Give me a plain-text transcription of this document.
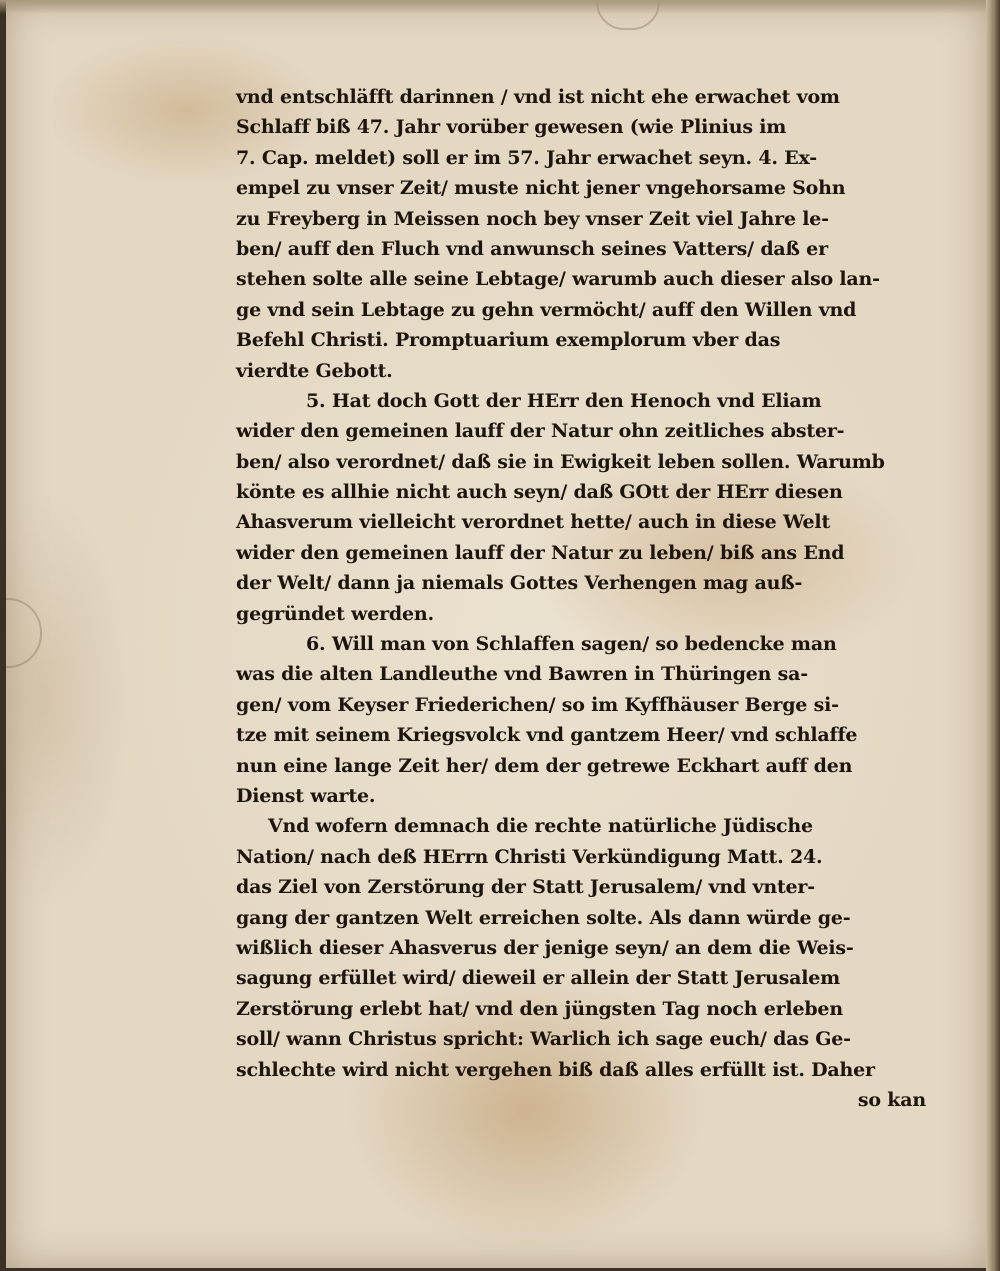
vnd entschläfft darinnen / vnd ist nicht ehe erwachet vom
Schlaff biß 47. Jahr vorüber gewesen (wie Plinius im
7. Cap. meldet) soll er im 57. Jahr erwachet seyn. 4. Ex-
empel zu vnser Zeit/ muste nicht jener vngehorsame Sohn
zu Freyberg in Meissen noch bey vnser Zeit viel Jahre le-
ben/ auff den Fluch vnd anwunsch seines Vatters/ daß er
stehen solte alle seine Lebtage/ warumb auch dieser also lan-
ge vnd sein Lebtage zu gehn vermöcht/ auff den Willen vnd
Befehl Christi. Promptuarium exemplorum vber das
vierdte Gebott.
5. Hat doch Gott der HErr den Henoch vnd Eliam
wider den gemeinen lauff der Natur ohn zeitliches abster-
ben/ also verordnet/ daß sie in Ewigkeit leben sollen. Warumb
könte es allhie nicht auch seyn/ daß GOtt der HErr diesen
Ahasverum vielleicht verordnet hette/ auch in diese Welt
wider den gemeinen lauff der Natur zu leben/ biß ans End
der Welt/ dann ja niemals Gottes Verhengen mag auß-
gegründet werden.
6. Will man von Schlaffen sagen/ so bedencke man
was die alten Landleuthe vnd Bawren in Thüringen sa-
gen/ vom Keyser Friederichen/ so im Kyffhäuser Berge si-
tze mit seinem Kriegsvolck vnd gantzem Heer/ vnd schlaffe
nun eine lange Zeit her/ dem der getrewe Eckhart auff den
Dienst warte.
Vnd wofern demnach die rechte natürliche Jüdische
Nation/ nach deß HErrn Christi Verkündigung Matt. 24.
das Ziel von Zerstörung der Statt Jerusalem/ vnd vnter-
gang der gantzen Welt erreichen solte. Als dann würde ge-
wißlich dieser Ahasverus der jenige seyn/ an dem die Weis-
sagung erfüllet wird/ dieweil er allein der Statt Jerusalem
Zerstörung erlebt hat/ vnd den jüngsten Tag noch erleben
soll/ wann Christus spricht: Warlich ich sage euch/ das Ge-
schlechte wird nicht vergehen biß daß alles erfüllt ist. Daher
so kan
